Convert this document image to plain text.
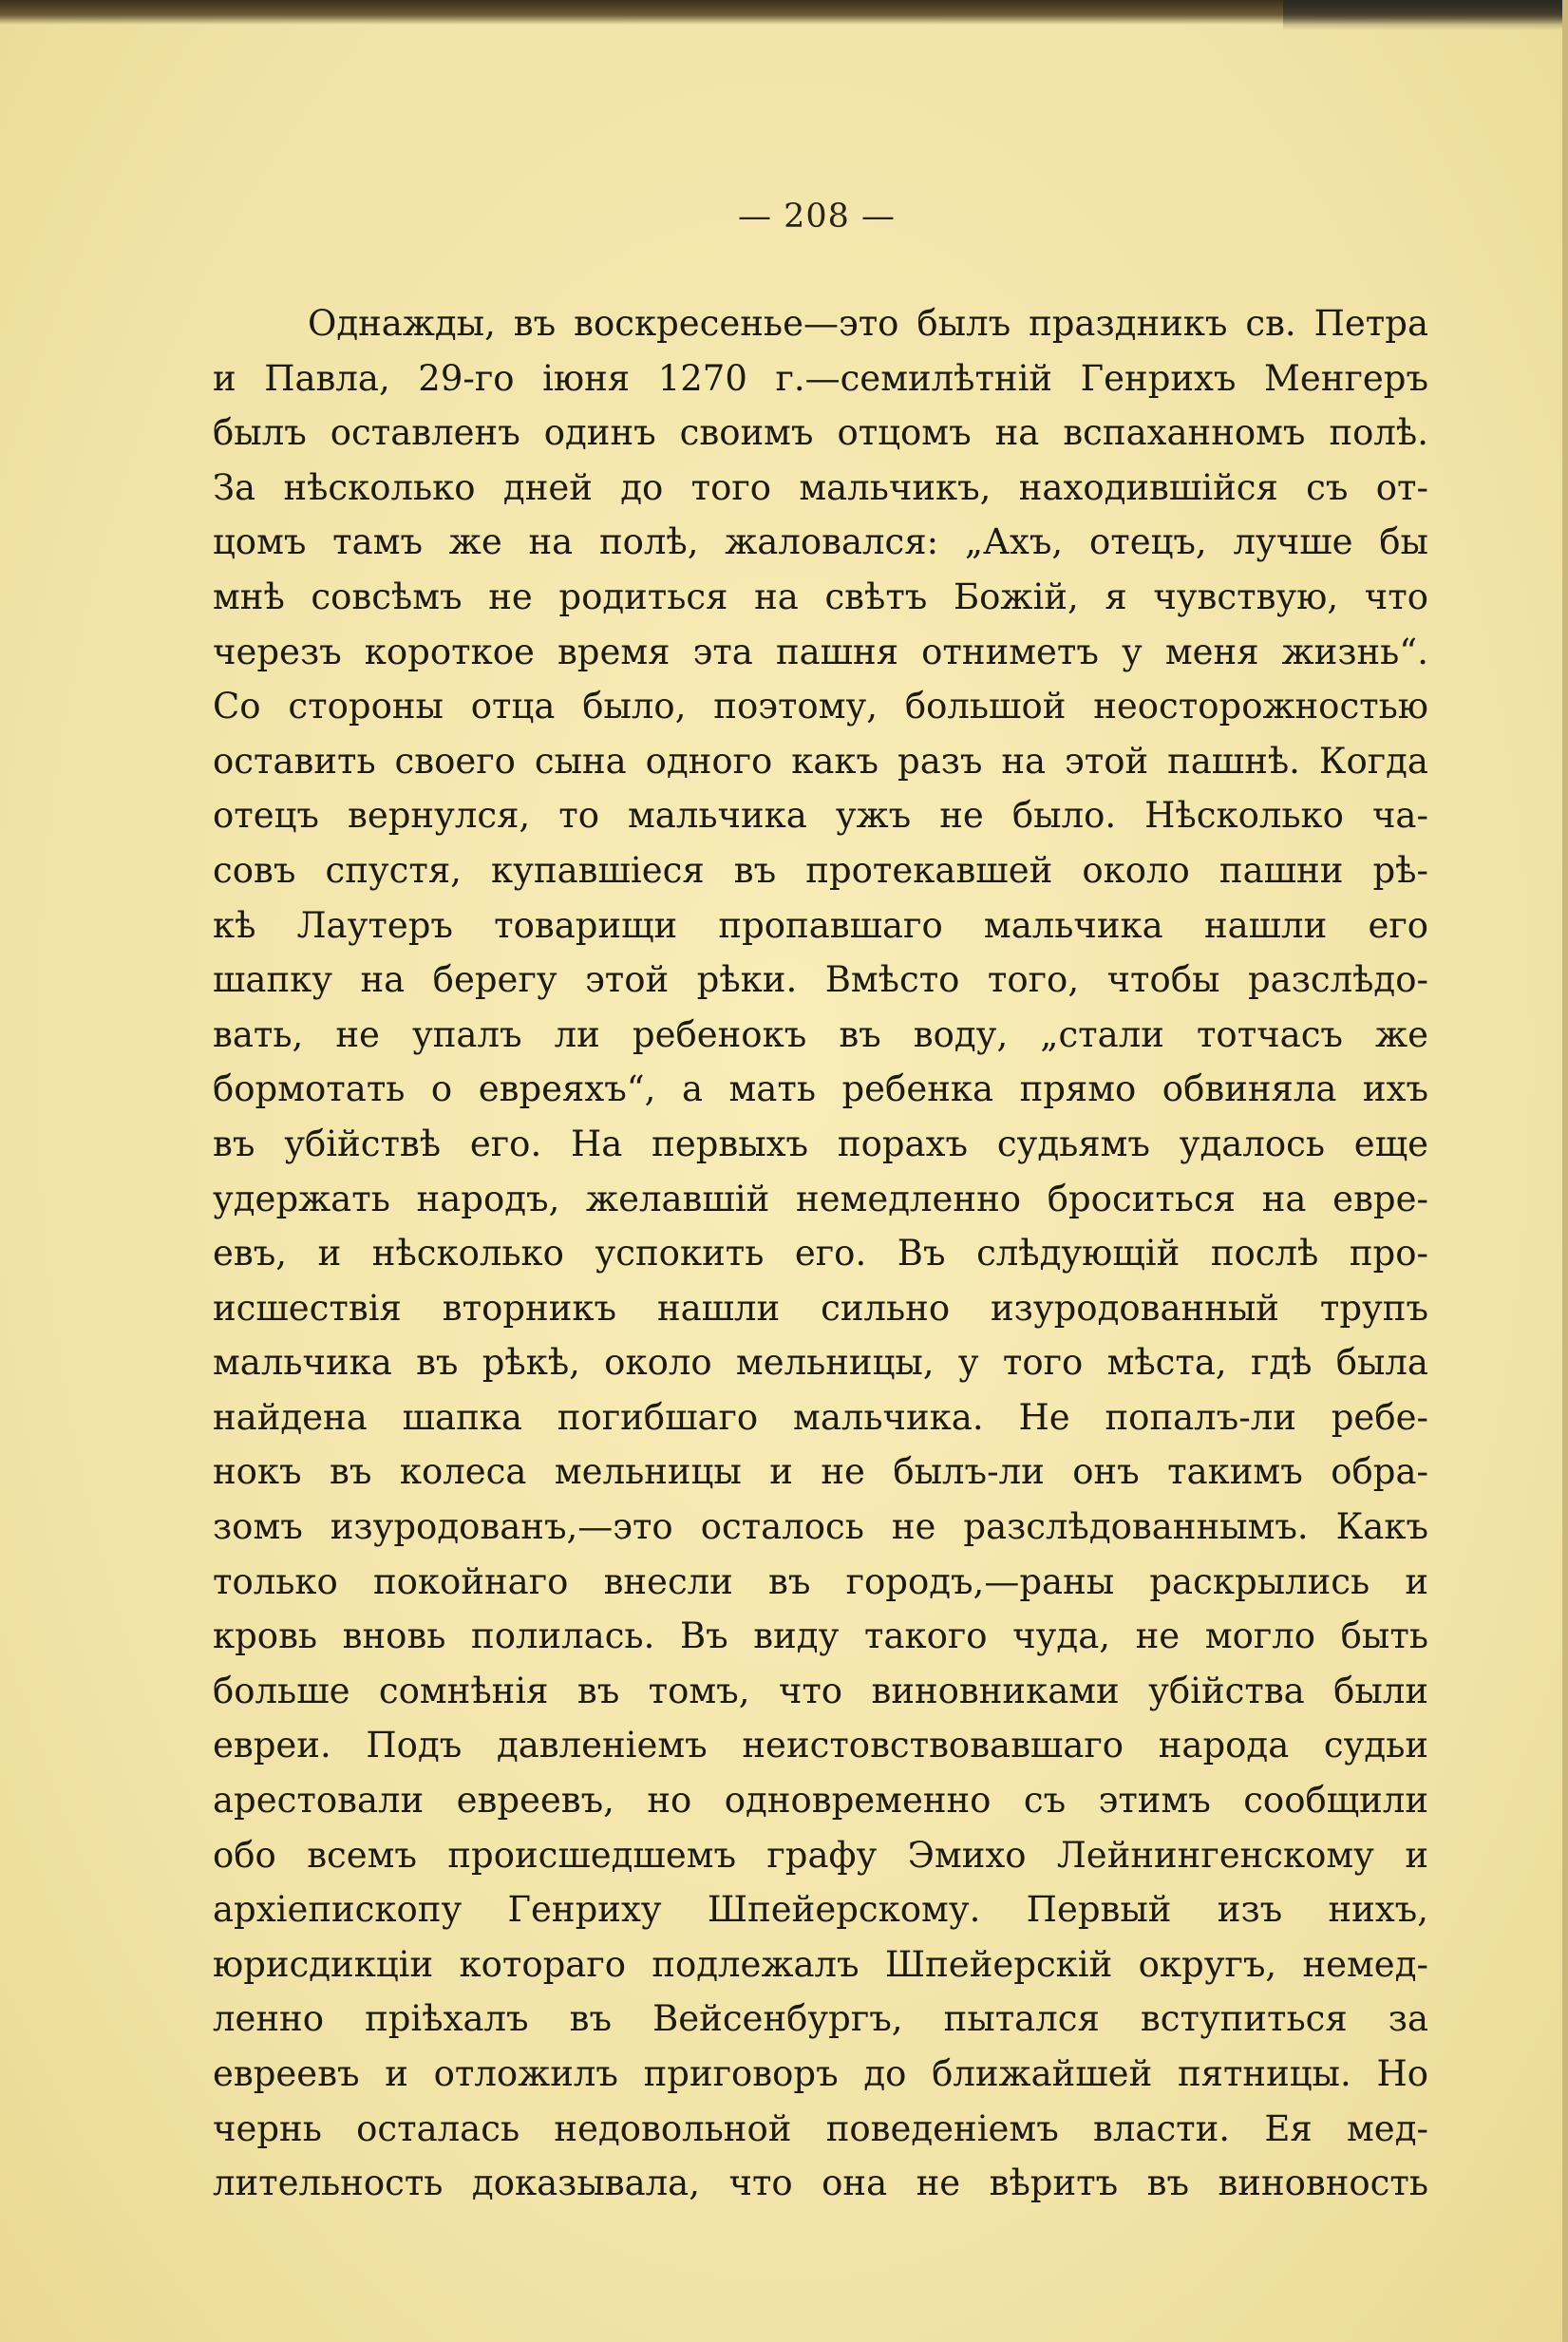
— 208 —
Однажды, въ воскресенье—это былъ праздникъ св. Петра
и Павла, 29-го іюня 1270 г.—семилѣтній Генрихъ Менгеръ
былъ оставленъ одинъ своимъ отцомъ на вспаханномъ полѣ.
За нѣсколько дней до того мальчикъ, находившійся съ от-
цомъ тамъ же на полѣ, жаловался: „Ахъ, отецъ, лучше бы
мнѣ совсѣмъ не родиться на свѣтъ Божій, я чувствую, что
черезъ короткое время эта пашня отниметъ у меня жизнь“.
Со стороны отца было, поэтому, большой неосторожностью
оставить своего сына одного какъ разъ на этой пашнѣ. Когда
отецъ вернулся, то мальчика ужъ не было. Нѣсколько ча-
совъ спустя, купавшіеся въ протекавшей около пашни рѣ-
кѣ Лаутеръ товарищи пропавшаго мальчика нашли его
шапку на берегу этой рѣки. Вмѣсто того, чтобы разслѣдо-
вать, не упалъ ли ребенокъ въ воду, „стали тотчасъ же
бормотать о евреяхъ“, а мать ребенка прямо обвиняла ихъ
въ убійствѣ его. На первыхъ порахъ судьямъ удалось еще
удержать народъ, желавшій немедленно броситься на евре-
евъ, и нѣсколько успокить его. Въ слѣдующій послѣ про-
исшествія вторникъ нашли сильно изуродованный трупъ
мальчика въ рѣкѣ, около мельницы, у того мѣста, гдѣ была
найдена шапка погибшаго мальчика. Не попалъ-ли ребе-
нокъ въ колеса мельницы и не былъ-ли онъ такимъ обра-
зомъ изуродованъ,—это осталось не разслѣдованнымъ. Какъ
только покойнаго внесли въ городъ,—раны раскрылись и
кровь вновь полилась. Въ виду такого чуда, не могло быть
больше сомнѣнія въ томъ, что виновниками убійства были
евреи. Подъ давленіемъ неистовствовавшаго народа судьи
арестовали евреевъ, но одновременно съ этимъ сообщили
обо всемъ происшедшемъ графу Эмихо Лейнингенскому и
архіепископу Генриху Шпейерскому. Первый изъ нихъ,
юрисдикціи котораго подлежалъ Шпейерскій округъ, немед-
ленно пріѣхалъ въ Вейсенбургъ, пытался вступиться за
евреевъ и отложилъ приговоръ до ближайшей пятницы. Но
чернь осталась недовольной поведеніемъ власти. Ея мед-
лительность доказывала, что она не вѣритъ въ виновность
